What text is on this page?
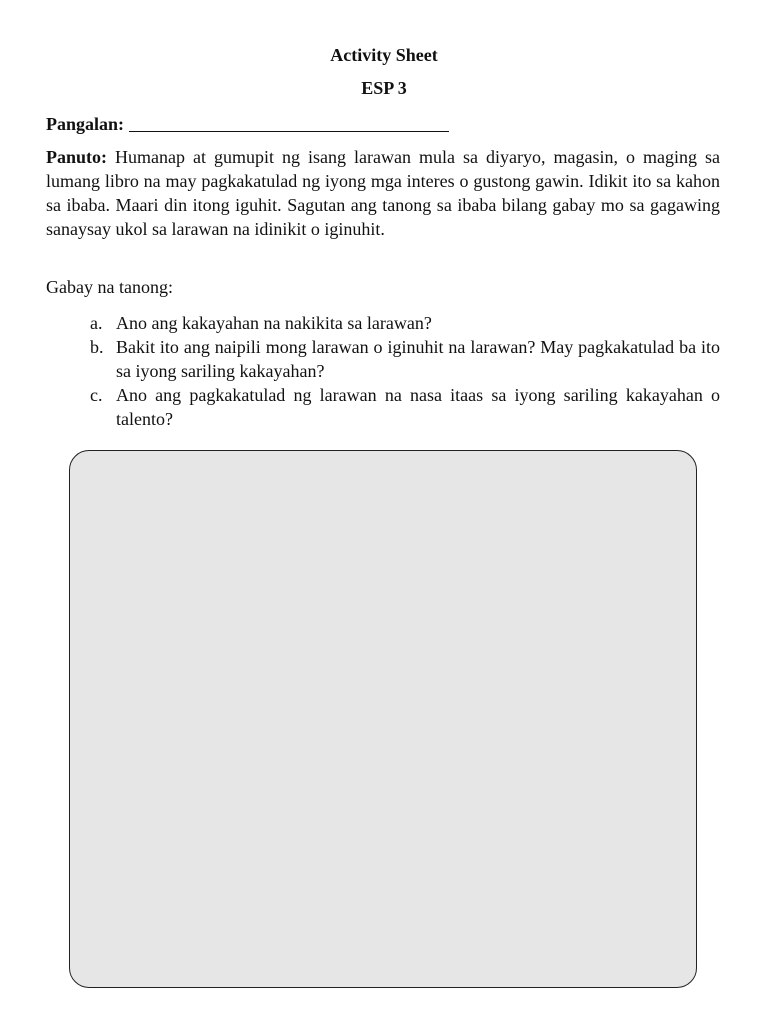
Activity Sheet
ESP 3
Pangalan:

Panuto: Humanap at gumupit ng isang larawan mula sa diyaryo, magasin, o maging sa lumang libro na may pagkakatulad ng iyong mga interes o gustong gawin. Idikit ito sa kahon sa ibaba. Maari din itong iguhit. Sagutan ang tanong sa ibaba bilang gabay mo sa gagawing sanaysay ukol sa larawan na idinikit o iginuhit.

Gabay na tanong:

a. Ano ang kakayahan na nakikita sa larawan?
b. Bakit ito ang naipili mong larawan o iginuhit na larawan? May pagkakatulad ba ito sa iyong sariling kakayahan?
c. Ano ang pagkakatulad ng larawan na nasa itaas sa iyong sariling kakayahan o talento?
